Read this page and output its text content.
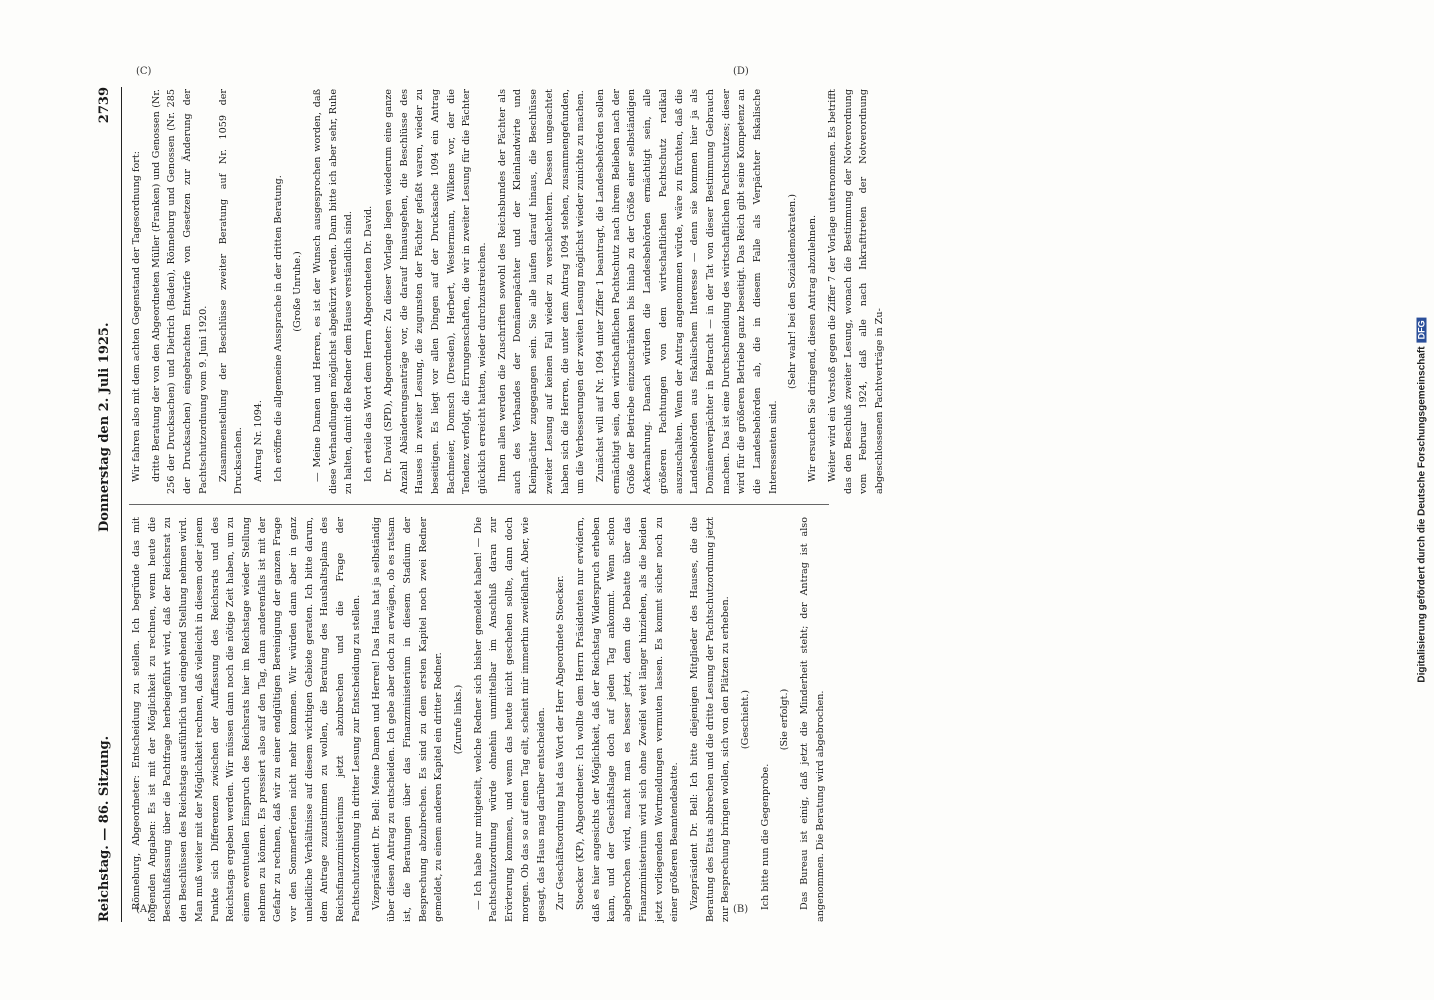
Reichstag. — 86. Sitzung.
Donnerstag den 2. Juli 1925.
2739

Rönneburg, Abgeordneter: Entscheidung zu stellen. Ich begründe das mit folgenden Angaben: Es ist mit der Möglichkeit zu rechnen, wenn heute die Beschlußfassung über die Pachtfrage herbeigeführt wird, daß der Reichsrat zu den Beschlüssen des Reichstags ausführlich und eingehend Stellung nehmen wird. Man muß weiter mit der Möglichkeit rechnen, daß vielleicht in diesem oder jenem Punkte sich Differenzen zwischen der Auffassung des Reichsrats und des Reichstags ergeben werden. Wir müssen dann noch die nötige Zeit haben, um zu einem eventuellen Einspruch des Reichsrats hier im Reichstage wieder Stellung nehmen zu können. Es pressiert also auf den Tag, dann anderenfalls ist mit der Gefahr zu rechnen, daß wir zu einer endgültigen Bereinigung der ganzen Frage vor den Sommerferien nicht mehr kommen. Wir würden dann aber in ganz unleidliche Verhältnisse auf diesem wichtigen Gebiete geraten. Ich bitte darum, dem Antrage zuzustimmen zu wollen, die Beratung des Haushaltsplans des Reichsfinanzministeriums jetzt abzubrechen und die Frage der Pachtschutzordnung in dritter Lesung zur Entscheidung zu stellen. Vizepräsident Dr. Bell: Meine Damen und Herren! Das Haus hat ja selbständig über diesen Antrag zu entscheiden. Ich gebe aber doch zu erwägen, ob es ratsam ist, die Beratungen über das Finanzministerium in diesem Stadium der Besprechung abzubrechen. Es sind zu dem ersten Kapitel noch zwei Redner gemeldet, zu einem anderen Kapitel ein dritter Redner. (Zurufe links.) — Ich habe nur mitgeteilt, welche Redner sich bisher gemeldet haben! — Die Pachtschutzordnung würde ohnehin unmittelbar im Anschluß daran zur Erörterung kommen, und wenn das heute nicht geschehen sollte, dann doch morgen. Ob das so auf einen Tag eilt, scheint mir immerhin zweifelhaft. Aber, wie gesagt, das Haus mag darüber entscheiden. Zur Geschäftsordnung hat das Wort der Herr Abgeordnete Stoecker. Stoecker (KP), Abgeordneter: Ich wollte dem Herrn Präsidenten nur erwidern, daß es hier angesichts der Möglichkeit, daß der Reichstag Widerspruch erheben kann, und der Geschäftslage doch auf jeden Tag ankommt. Wenn schon abgebrochen wird, macht man es besser jetzt, denn die Debatte über das Finanzministerium wird sich ohne Zweifel weit länger hinziehen, als die beiden jetzt vorliegenden Wortmeldungen vermuten lassen. Es kommt sicher noch zu einer größeren Beamtendebatte. Vizepräsident Dr. Bell: Ich bitte diejenigen Mitglieder des Hauses, die die Beratung des Etats abbrechen und die dritte Lesung der Pachtschutzordnung jetzt zur Besprechung bringen wollen, sich von den Plätzen zu erheben. (Geschieht.)

Ich bitte nun die Gegenprobe.

(Sie erfolgt.) Das Bureau ist einig, daß jetzt die Minderheit steht; der Antrag ist also angenommen. Die Beratung wird abgebrochen.

Wir fahren also mit dem achten Gegenstand der Tagesordnung fort: dritte Beratung der von den Abgeordneten Müller (Franken) und Genossen (Nr. 256 der Drucksachen) und Dietrich (Baden), Rönneburg und Genossen (Nr. 285 der Drucksachen) eingebrachten Entwürfe von Gesetzen zur Änderung der Pachtschutzordnung vom 9. Juni 1920. Zusammenstellung der Beschlüsse zweiter Beratung auf Nr. 1059 der Drucksachen. Antrag Nr. 1094. Ich eröffne die allgemeine Aussprache in der dritten Beratung. (Große Unruhe.) — Meine Damen und Herren, es ist der Wunsch ausgesprochen worden, daß diese Verhandlungen möglichst abgekürzt werden. Dann bitte ich aber sehr, Ruhe zu halten, damit die Redner dem Hause verständlich sind. Ich erteile das Wort dem Herrn Abgeordneten Dr. David. Dr. David (SPD), Abgeordneter: Zu dieser Vorlage liegen wiederum eine ganze Anzahl Abänderungsanträge vor, die darauf hinausgehen, die Beschlüsse des Hauses in zweiter Lesung, die zugunsten der Pächter gefaßt waren, wieder zu beseitigen. Es liegt vor allen Dingen auf der Drucksache 1094 ein Antrag Bachmeier, Domsch (Dresden), Herbert, Westermann, Wilkens vor, der die Tendenz verfolgt, die Errungenschaften, die wir in zweiter Lesung für die Pächter glücklich erreicht hatten, wieder durchzustreichen. Ihnen allen werden die Zuschriften sowohl des Reichsbundes der Pächter als auch des Verbandes der Domänenpächter und der Kleinlandwirte und Kleinpächter zugegangen sein. Sie alle laufen darauf hinaus, die Beschlüsse zweiter Lesung auf keinen Fall wieder zu verschlechtern. Dessen ungeachtet haben sich die Herren, die unter dem Antrag 1094 stehen, zusammengefunden, um die Verbesserungen der zweiten Lesung möglichst wieder zunichte zu machen. Zunächst will auf Nr. 1094 unter Ziffer 1 beantragt, die Landesbehörden sollen ermächtigt sein, den wirtschaftlichen Pachtschutz nach ihrem Belieben nach der Größe der Betriebe einzuschränken bis hinab zu der Größe einer selbständigen Ackernahrung. Danach würden die Landesbehörden ermächtigt sein, alle größeren Pachtungen von dem wirtschaftlichen Pachtschutz radikal auszuschalten. Wenn der Antrag angenommen würde, wäre zu fürchten, daß die Landesbehörden aus fiskalischem Interesse — denn sie kommen hier ja als Domänenverpächter in Betracht — in der Tat von dieser Bestimmung Gebrauch machen. Das ist eine Durchschneidung des wirtschaftlichen Pachtschutzes; dieser wird für die größeren Betriebe ganz beseitigt. Das Reich gibt seine Kompetenz an die Landesbehörden ab, die in diesem Falle als Verpächter fiskalische Interessenten sind.

(Sehr wahr! bei den Sozialdemokraten.) Wir ersuchen Sie dringend, diesen Antrag abzulehnen. Weiter wird ein Vorstoß gegen die Ziffer 7 der Vorlage unternommen. Es betrifft das den Beschluß zweiter Lesung, wonach die Bestimmung der Notverordnung vom Februar 1924, daß alle nach Inkrafttreten der Notverordnung abgeschlossenen Pachtverträge in Zu-

(A)	(B)
(C)	(D)
Digitalisierung gefördert durch die Deutsche ForschungsgemeinschaftDFG
